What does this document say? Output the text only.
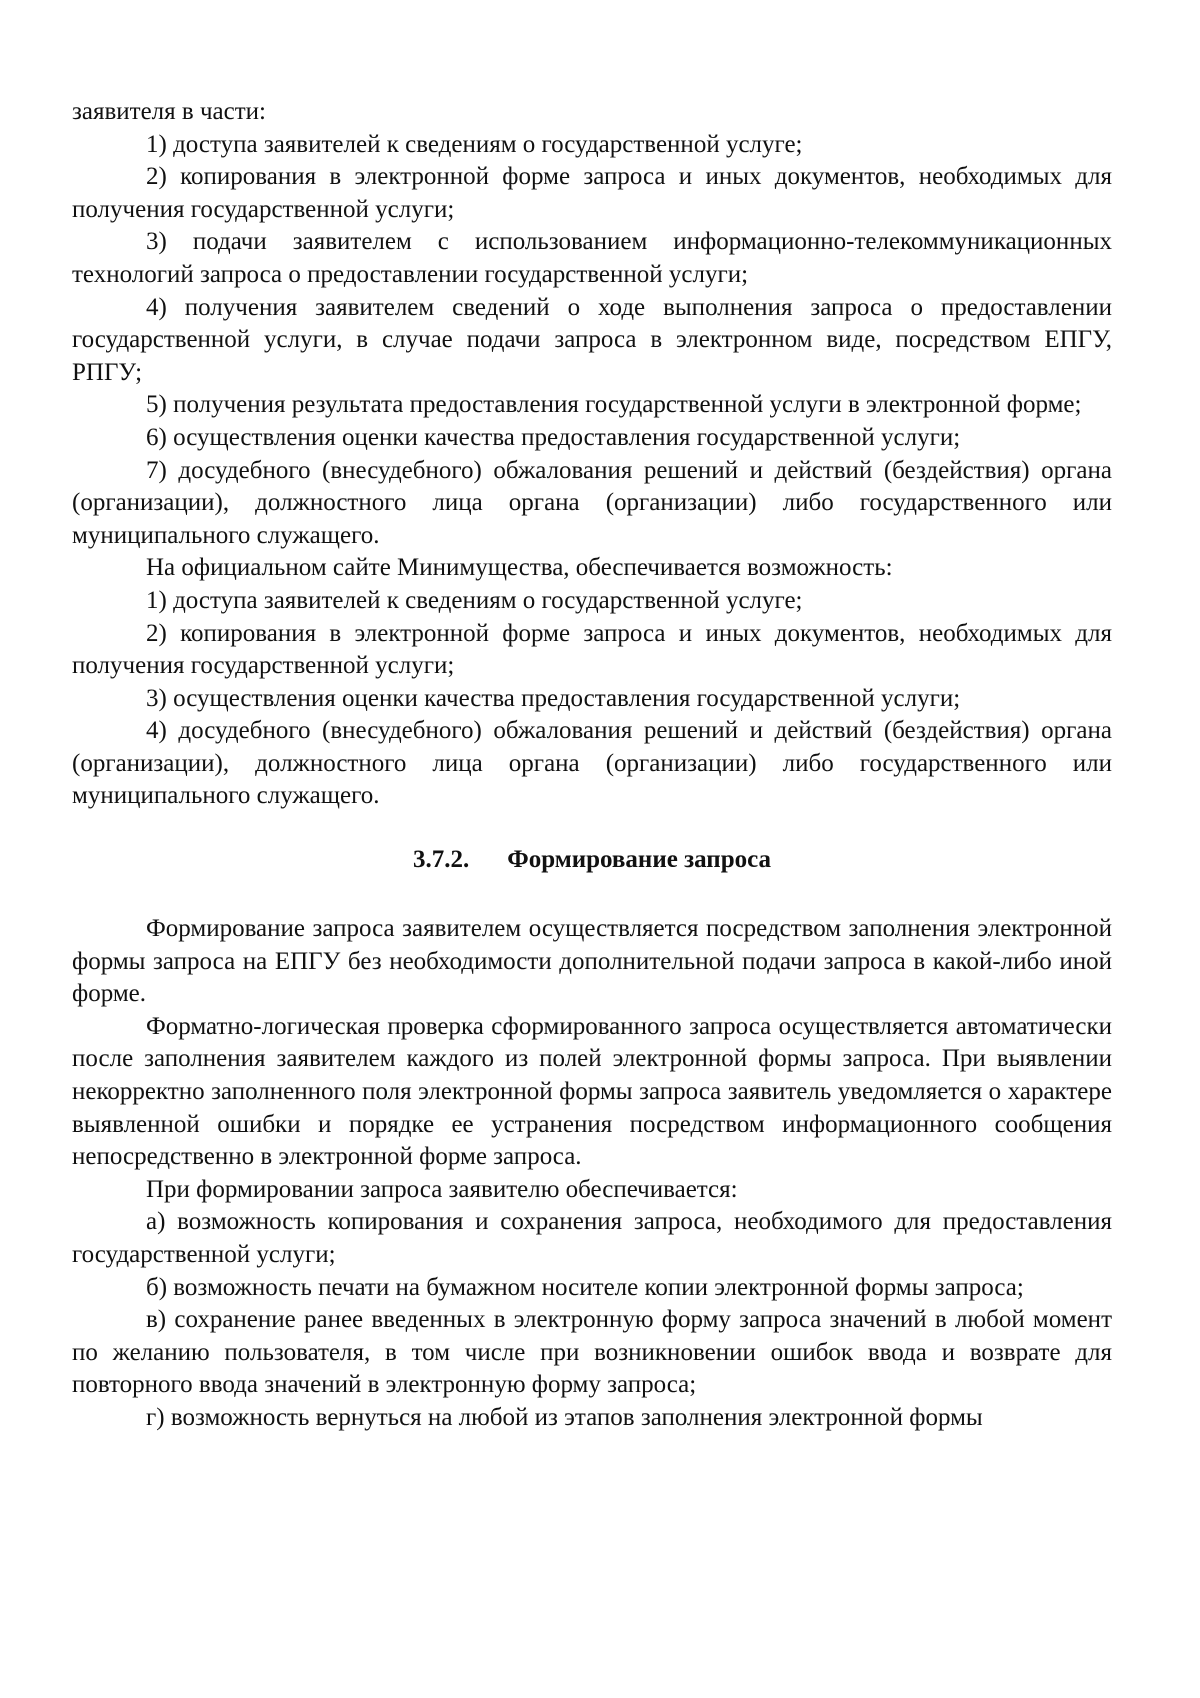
заявителя в части:

1) доступа заявителей к сведениям о государственной услуге;

2) копирования в электронной форме запроса и иных документов, необходимых для получения государственной услуги;

3) подачи заявителем с использованием информационно-телекоммуникационных технологий запроса о предоставлении государственной услуги;

4) получения заявителем сведений о ходе выполнения запроса о предоставлении государственной услуги, в случае подачи запроса в электронном виде, посредством ЕПГУ, РПГУ;

5) получения результата предоставления государственной услуги в электронной форме;

6) осуществления оценки качества предоставления государственной услуги;

7) досудебного (внесудебного) обжалования решений и действий (бездействия) органа (организации), должностного лица органа (организации) либо государственного или муниципального служащего.

На официальном сайте Минимущества, обеспечивается возможность:

1) доступа заявителей к сведениям о государственной услуге;

2) копирования в электронной форме запроса и иных документов, необходимых для получения государственной услуги;

3) осуществления оценки качества предоставления государственной услуги;

4) досудебного (внесудебного) обжалования решений и действий (бездействия) органа (организации), должностного лица органа (организации) либо государственного или муниципального служащего.

3.7.2. Формирование запроса

Формирование запроса заявителем осуществляется посредством заполнения электронной формы запроса на ЕПГУ без необходимости дополнительной подачи запроса в какой-либо иной форме.

Форматно-логическая проверка сформированного запроса осуществляется автоматически после заполнения заявителем каждого из полей электронной формы запроса. При выявлении некорректно заполненного поля электронной формы запроса заявитель уведомляется о характере выявленной ошибки и порядке ее устранения посредством информационного сообщения непосредственно в электронной форме запроса.

При формировании запроса заявителю обеспечивается:

а) возможность копирования и сохранения запроса, необходимого для предоставления государственной услуги;

б) возможность печати на бумажном носителе копии электронной формы запроса;

в) сохранение ранее введенных в электронную форму запроса значений в любой момент по желанию пользователя, в том числе при возникновении ошибок ввода и возврате для повторного ввода значений в электронную форму запроса;

г) возможность вернуться на любой из этапов заполнения электронной формы
